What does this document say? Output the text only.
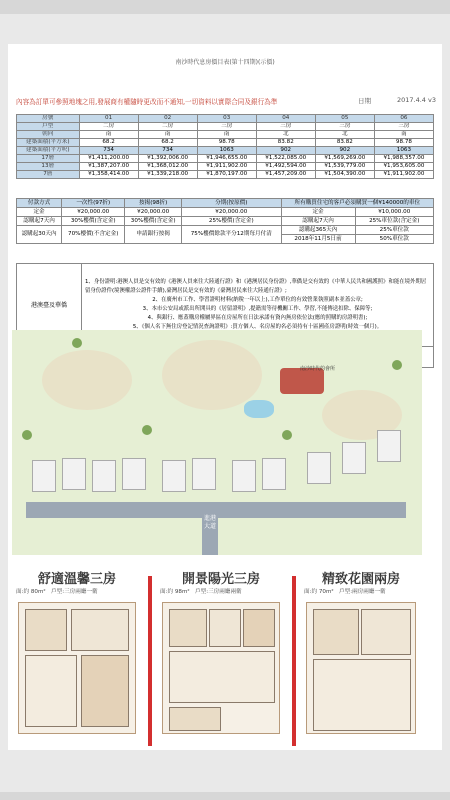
南沙時代息房價目表(第十四期)(示價)
內容為訂單可參照地塊之用,發展商有權隨時更改而不通知,一切資料以實際合同及銀行為準	日期	2017.4.4 v3
房號	01	02	03	04	05	06
戶型	二房	二房	三房	三房	三房	三房
朝向	南	南	南	北	北	南
建築面積(平方米)	68.2	68.2	98.78	83.82	83.82	98.78
建築面積(平方呎)	734	734	1063	902	902	1063
17層	¥1,411,200.00	¥1,392,006.00	¥1,946,655.00	¥1,522,085.00	¥1,569,269.00	¥1,988,357.00
13層	¥1,387,207.00	¥1,368,012.00	¥1,911,902.00	¥1,492,594.00	¥1,539,779.00	¥1,953,605.00
7層	¥1,358,414.00	¥1,339,218.00	¥1,870,197.00	¥1,457,209.00	¥1,504,390.00	¥1,911,902.00
付款方式	一次性(97折)	按揭(98折)	分期(按原價)	所有購買住宅的客戶必須購買一個¥140000的車位	
定金	¥20,000.00	¥20,000.00	¥20,000.00	定金	¥10,000.00
認購起7天內	30%樓價(含定金)	30%樓價(含定金)	25%樓價(含定金)	認購起7天內	25%車位款(含定金)
認購起30天內	70%樓價(不含定金)	申請銀行按揭	75%樓價餘款平分12期每月付清	認購起365天內	25%車位款
				2018年11月5日前	50%車位款
港澳臺及華僑	1、身份證明:港澳人員是交有效的《港澳人員來往大陸通行證》和《港澳居民身份證》,華僑是交有效的《中華人民共和國護照》和能在境外期居留身份證件(境澳權證公證件手續),臺灣居民是交有效的《臺灣居民來往大陸通行證》;
2、在廣州市工作、學習證明材料(納稅一年以上),工作單位的有效營業執照副本並蓋公章;
3、本市公安局或派出所開具的《居留證明》,提籍需等待機關工作、學習,不能傳送扣除、保障等;
4、與銀行、應蓋購房權屬界區在房屋所在日法承諾有資內無房依位法(應的照購的房證明書);
5、《個人名下無住房登記情況查詢證明》:買方個人、名房屋的名必須持有十區國產房證明(時效一個月)。

南沙時代的會所
進港大道
舒適溫馨三房
面:約 80m² 戶型:三房兩廳一衛
開景陽光三房
面:約 98m² 戶型:三房兩廳兩衛
精致花園兩房
面:約 70m² 戶型:兩房兩廳一衛
